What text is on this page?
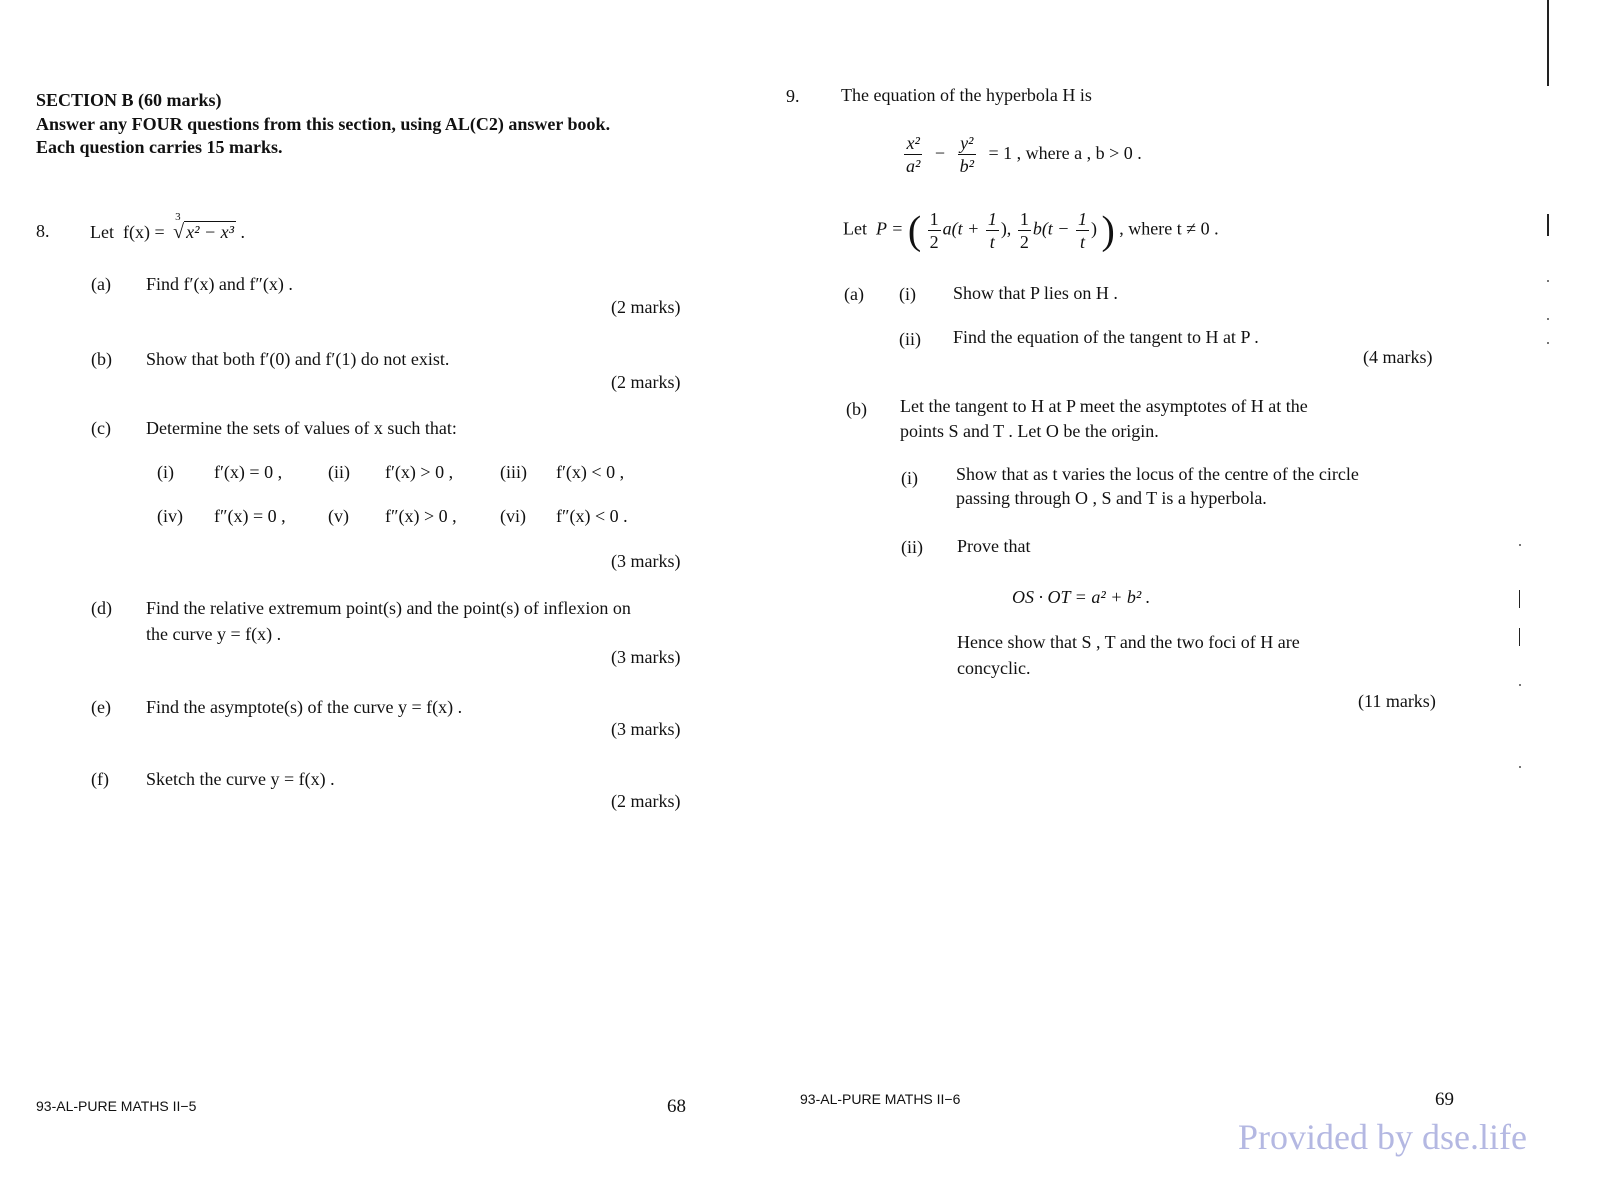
SECTION B (60 marks)
Answer any FOUR questions from this section, using AL(C2) answer book.
Each question carries 15 marks.
8. Let f(x) =
3
√ x² − x³ .
(a) Find f′(x) and f″(x) .
(2 marks)
(b) Show that both f′(0) and f′(1) do not exist.
(2 marks)
(c) Determine the sets of values of x such that:
(i) f′(x) = 0 ,	(ii) f′(x) > 0 ,	(iii) f′(x) < 0 ,
(iv) f″(x) = 0 , (v) f″(x) > 0 , (vi) f″(x) < 0 .
(3 marks)
(d) Find the relative extremum point(s) and the point(s) of inflexion on
the curve y = f(x) .
(3 marks)
(e) Find the asymptote(s) of the curve y = f(x) .
(3 marks)
(f) Sketch the curve y = f(x) .
(2 marks)
93-AL-PURE MATHS II−5	68
9. The equation of the hyperbola H is
$\frac{\text{x²}}{\text{a²}} - \frac{\text{y²}}{\text{b²}} = 1$ , where a , b > 0 .
Let P = ( $\frac{1}{2} a(t + \frac{1}{t}$ ), $\frac{1}{2} b(t - \frac{1}{t}$ ) ) , where t ≠ 0 .
(a) (i) Show that P lies on H .
(ii) Find the equation of the tangent to H at P .
(4 marks)
(b) Let the tangent to H at P meet the asymptotes of H at the
points S and T . Let O be the origin.
(i) Show that as t varies the locus of the centre of the circle
passing through O , S and T is a hyperbola.
(ii) Prove that
OS · OT = a² + b² .
Hence show that S , T and the two foci of H are
concyclic.
(11 marks)
93-AL-PURE MATHS II−6	69
Provided by dse.life
